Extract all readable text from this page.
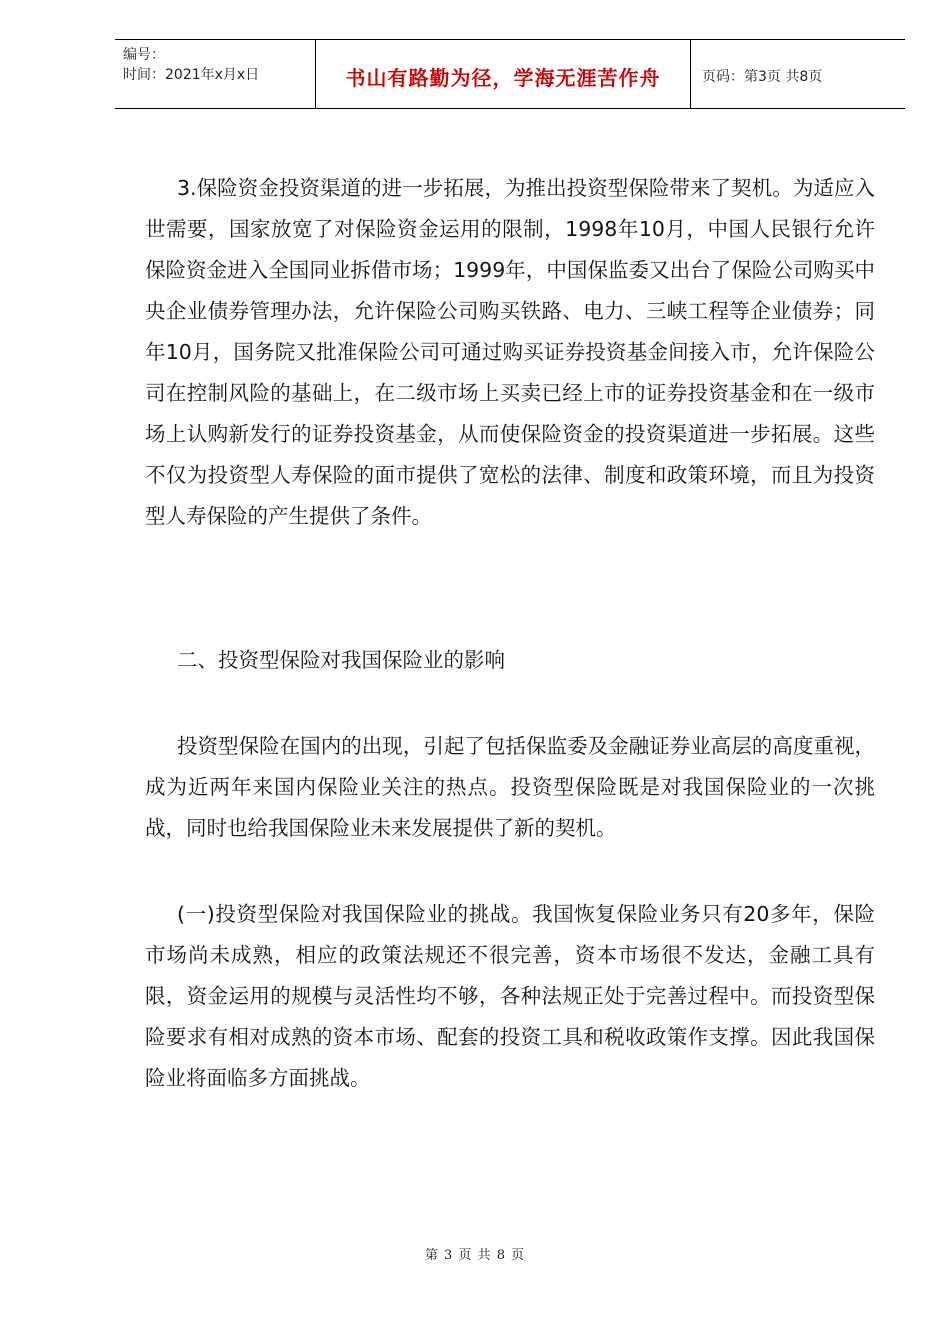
编号：
时间：2021年x月x日	书山有路勤为径，学海无涯苦作舟	页码：第3页 共8页

3.保险资金投资渠道的进一步拓展，为推出投资型保险带来了契机。为适应入世需要，国家放宽了对保险资金运用的限制，1998年10月，中国人民银行允许保险资金进入全国同业拆借市场；1999年，中国保监委又出台了保险公司购买中央企业债券管理办法，允许保险公司购买铁路、电力、三峡工程等企业债券；同年10月，国务院又批准保险公司可通过购买证券投资基金间接入市，允许保险公司在控制风险的基础上，在二级市场上买卖已经上市的证券投资基金和在一级市场上认购新发行的证券投资基金，从而使保险资金的投资渠道进一步拓展。这些不仅为投资型人寿保险的面市提供了宽松的法律、制度和政策环境，而且为投资型人寿保险的产生提供了条件。

二、投资型保险对我国保险业的影响

投资型保险在国内的出现，引起了包括保监委及金融证券业高层的高度重视，成为近两年来国内保险业关注的热点。投资型保险既是对我国保险业的一次挑战，同时也给我国保险业未来发展提供了新的契机。

(一)投资型保险对我国保险业的挑战。我国恢复保险业务只有20多年，保险市场尚未成熟，相应的政策法规还不很完善，资本市场很不发达，金融工具有限，资金运用的规模与灵活性均不够，各种法规正处于完善过程中。而投资型保险要求有相对成熟的资本市场、配套的投资工具和税收政策作支撑。因此我国保险业将面临多方面挑战。

第 3 页 共 8 页
